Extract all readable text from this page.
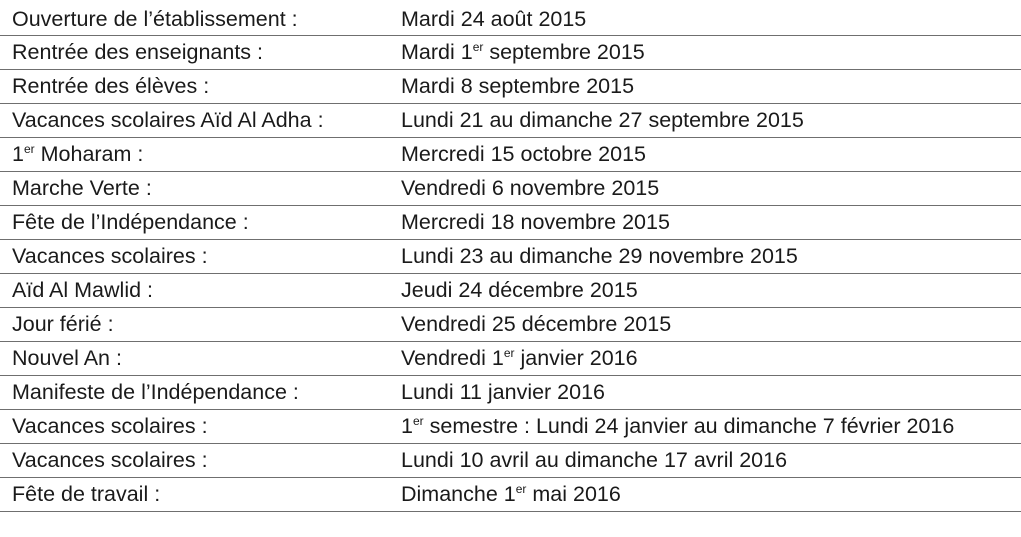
Ouverture de l’établissement :	Mardi 24 août 2015
Rentrée des enseignants :	Mardi 1er septembre 2015
Rentrée des élèves :	Mardi 8 septembre 2015
Vacances scolaires Aïd Al Adha :	Lundi 21 au dimanche 27 septembre 2015
1er Moharam :	Mercredi 15 octobre 2015
Marche Verte :	Vendredi 6 novembre 2015
Fête de l’Indépendance :	Mercredi 18 novembre 2015
Vacances scolaires :	Lundi 23 au dimanche 29 novembre 2015
Aïd Al Mawlid :	Jeudi 24 décembre 2015
Jour férié :	Vendredi 25 décembre 2015
Nouvel An :	Vendredi 1er janvier 2016
Manifeste de l’Indépendance :	Lundi 11 janvier 2016
Vacances scolaires :	1er semestre : Lundi 24 janvier au dimanche 7 février 2016
Vacances scolaires :	Lundi 10 avril au dimanche 17 avril 2016
Fête de travail :	Dimanche 1er mai 2016
